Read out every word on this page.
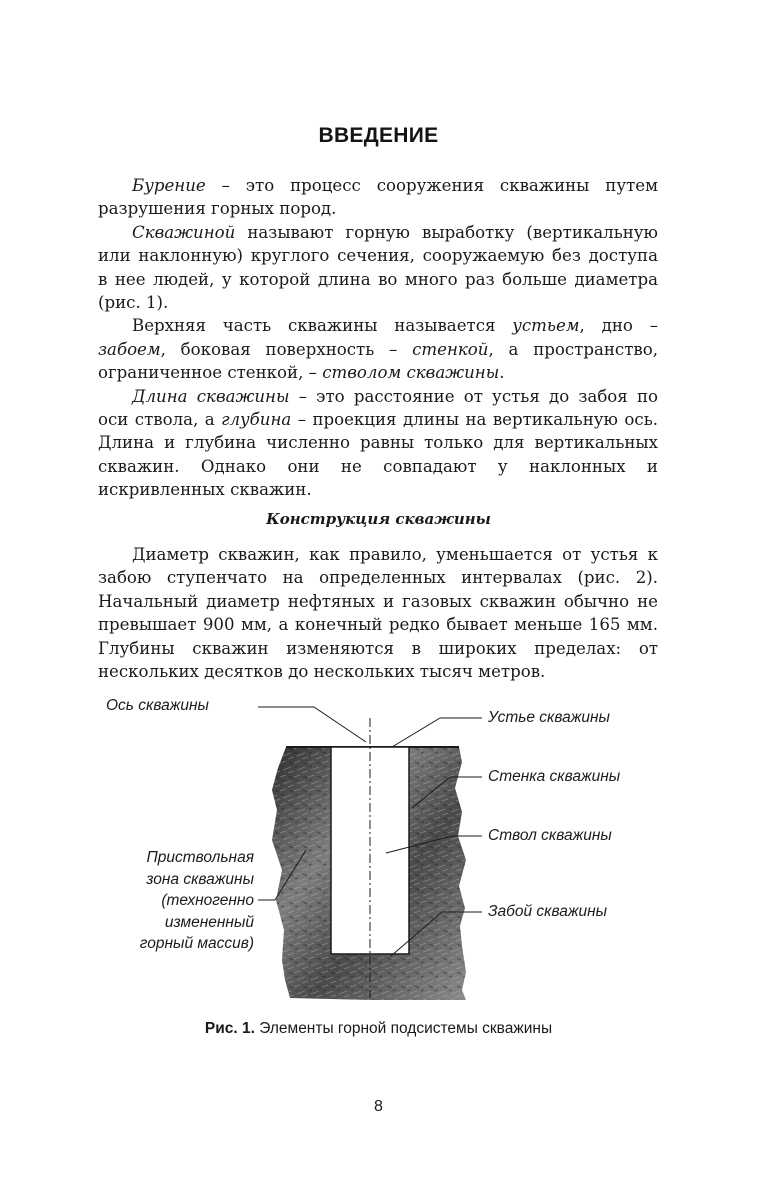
ВВЕДЕНИЕ

Бурение – это процесс сооружения скважины путем разрушения горных пород.

Скважиной называют горную выработку (вертикальную или наклонную) круглого сечения, сооружаемую без доступа в нее людей, у которой длина во много раз больше диаметра (рис. 1).

Верхняя часть скважины называется устьем, дно – забоем, боковая поверхность – стенкой, а пространство, ограниченное стенкой, – стволом скважины.

Длина скважины – это расстояние от устья до забоя по оси ствола, а глубина – проекция длины на вертикальную ось. Длина и глубина численно равны только для вертикальных скважин. Однако они не совпадают у наклонных и искривленных скважин.

Конструкция скважины

Диаметр скважин, как правило, уменьшается от устья к забою ступенчато на определенных интервалах (рис. 2). Начальный диаметр нефтяных и газовых скважин обычно не превышает 900 мм, а конечный редко бывает меньше 165 мм. Глубины скважин изменяются в широких пределах: от нескольких десятков до нескольких тысяч метров.

Ось скважины
Устье скважины
Стенка скважины
Ствол скважины
Забой скважины
Приствольная
зона скважины
(техногенно
измененный
горный массив)
Рис. 1. Элементы горной подсистемы скважины
8
